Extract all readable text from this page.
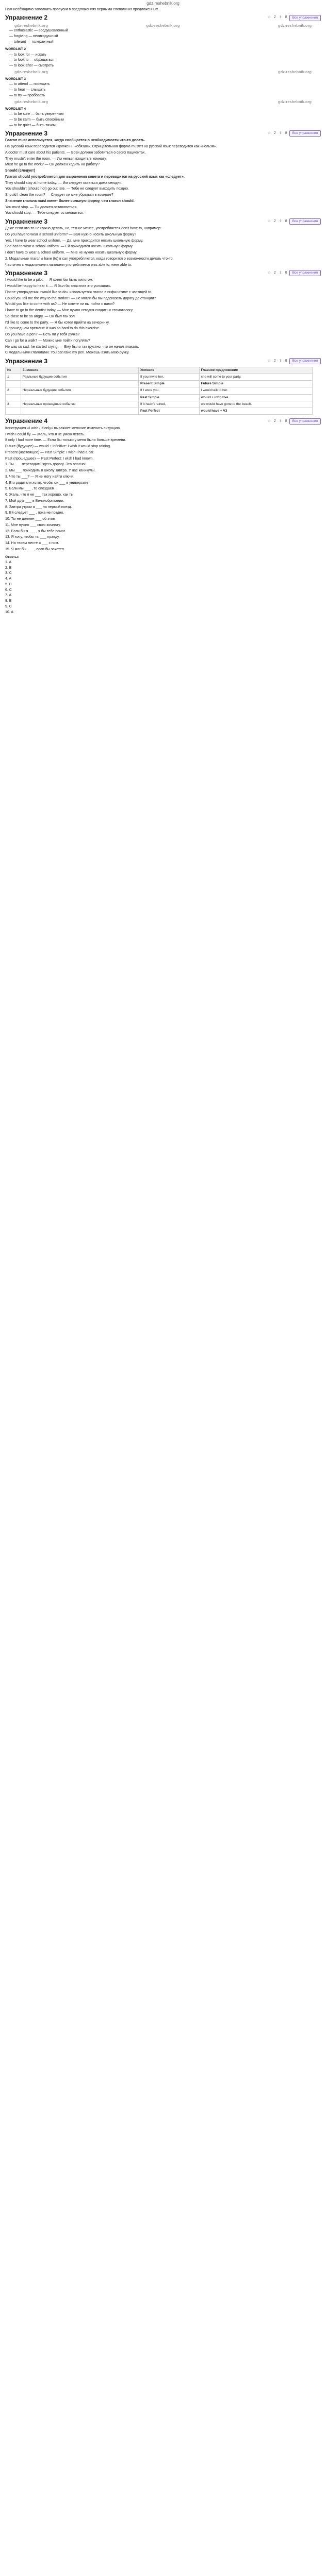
gdz.reshebnik.org
Нам необходимо заполнить пропуски в предложениях верными словами из предложенных.
Упражнение 2	☆ 2 ⇪ 8	Все упражнения
gdz-reshebnik.org	gdz-reshebnik.org	gdz-reshebnik.org
— enthusiastic — воодушевлённый
— forgiving — великодушный
— tolerant — толерантный
WORDLIST 2
— to look for — искать
— to look to — обращаться
— to look after — смотреть
gdz-reshebnik.org	gdz-reshebnik.org
WORDLIST 3
— to attend — посещать
— to hear — слышать
— to try — пробовать
gdz-reshebnik.org	gdz-reshebnik.org
WORDLIST 4
— to be sure — быть уверенным
— to be calm — быть спокойным
— to be quiet — быть тихим
Упражнение 3	☆ 2 ⇪ 8	Все упражнения
Глагол must используется, когда сообщается о необходимости что-то делать.
На русский язык переводится «должен», «обязан». Отрицательная форма mustn't на русский язык переводится как «нельзя».
A doctor must care about his patients. — Врач должен заботиться о своих пациентах.
They mustn't enter the room. — Им нельзя входить в комнату.
Must he go to the work? — Он должен ходить на работу?
Should (следует)
Глагол should употребляется для выражения совета и переводится на русский язык как «следует».
They should stay at home today. — Им следует остаться дома сегодня.
You shouldn't (should not) go out late. — Тебе не следует выходить поздно.
Should I clean the room? — Следует ли мне убраться в комнате?
Значение глагола must имеет более сильную форму, чем глагол should.
You must stop. — Ты должен остановиться.
You should stop. — Тебе следует остановиться.
Упражнение 3	☆ 2 ⇪ 8	Все упражнения
Даже если что-то не нужно делать, но, тем не менее, употребляется don't have to, например:
Do you have to wear a school uniform? — Вам нужно носить школьную форму?
Yes, I have to wear school uniform. — Да, мне приходится носить школьную форму.
She has to wear a school uniform. — Ей приходится носить школьную форму.
I don't have to wear a school uniform. — Мне не нужно носить школьную форму.
2. Модальные глаголы have (to) в can употребляются, когда говорится о возможности делать что-то.
Частично с модальными глаголами употребляется was able to, were able to.
Упражнение 3	☆ 2 ⇪ 8	Все упражнения
I would like to be a pilot. — Я хотел бы быть пилотом.
I would be happy to hear it. — Я был бы счастлив это услышать.
После утверждения «would like to do» используется глагол в инфинитиве с частицей to.
Could you tell me the way to the station? — Не могли бы вы подсказать дорогу до станции?
Would you like to come with us? — Не хотите ли вы пойти с нами?
I have to go to the dentist today. — Мне нужно сегодня сходить к стоматологу.
So close to be so angry. — Он был так зол.
I'd like to come to the party. — Я бы хотел прийти на вечеринку.
В прошедшем времени: It was so hard to do this exercise.
Do you have a pen? — Есть ли у тебя ручка?
Can I go for a walk? — Можно мне пойти погулять?
He was so sad, he started crying. — Ему было так грустно, что он начал плакать.
С модальными глаголами: You can take my pen. Можешь взять мою ручку.
Упражнение 3	☆ 2 ⇪ 8	Все упражнения
№	Значение	Условие	Главное предложение
1	Реальные будущие события	If you invite her,	she will come to your party.
		Present Simple	Future Simple
2	Нереальные будущие события	If I were you,	I would talk to her.
		Past Simple	would + infinitive
3	Нереальные прошедшие события	If it hadn't rained,	we would have gone to the beach.
		Past Perfect	would have + V3
Упражнение 4	☆ 2 ⇪ 8	Все упражнения
Конструкция «I wish / If only» выражает желание изменить ситуацию.
I wish I could fly. — Жаль, что я не умею летать.
If only I had more time. — Если бы только у меня было больше времени.
Future (будущее) — would + infinitive: I wish it would stop raining.
Present (настоящее) — Past Simple: I wish I had a car.
Past (прошедшее) — Past Perfect: I wish I had known.
1. Ты ___ переводить здесь дорогу. Это опасно!
2. Мы ___ приходить в школу завтра. У нас каникулы.
3. Что ты ___? — Я не могу найти ключи.
4. Его родители хотят, чтобы он ___ в университет.
5. Если мы ___ , то опоздаем.
6. Жаль, что я не ___ так хорошо, как ты.
7. Мой друг ___ в Великобритании.
8. Завтра утром я ___ на первый поезд.
9. Ей следует ___ , пока не поздно.
10. Ты не должен ___ об этом.
11. Мне нужно ___ свою комнату.
12. Если бы я ___ , я бы тебе помог.
13. Я хочу, чтобы ты ___ правду.
14. На твоем месте я ___ с ним.
15. Я мог бы ___ , если бы захотел.
Ответы:
1. A
2. B
3. C
4. A
5. B
6. C
7. A
8. B
9. C
10. A
